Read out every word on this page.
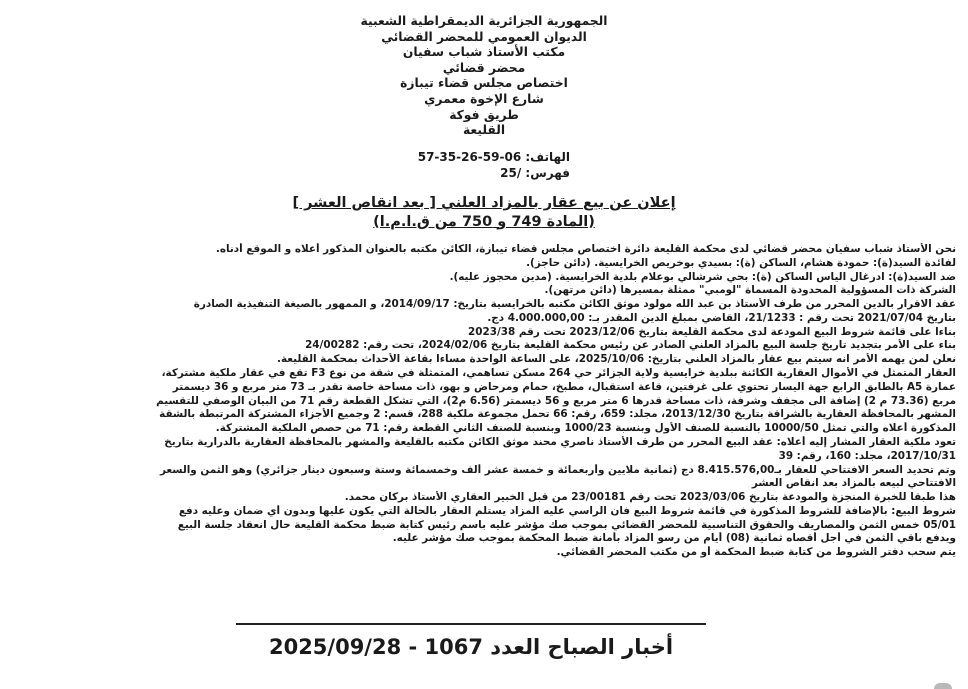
الجمهورية الجزائرية الديمقراطية الشعبية
الديوان العمومي للمحضر القضائي
مكتب الأستاذ شباب سفيان
محضر قضائي
اختصاص مجلس قضاء تيبازة
شارع الإخوة معمري
طريق فوكة
القليعة
الهاتف: 06-59-26-35-57
فهرس: /25
إعلان عن بيع عقار بالمزاد العلني [ بعد انقاص العشر ]
(المادة 749 و 750 من ق.ا.م.ا)

نحن الأستاذ شباب سفيان محضر قضائي لدى محكمة القليعة دائرة اختصاص مجلس قضاء تيبازة، الكائن مكتبه بالعنوان المذكور أعلاه و الموقع أدناه.

لفائدة السيد(ة): حمودة هشام، الساكن (ة): بسيدي بوخريص الخرايسية. (دائن حاجز).

ضد السيد(ة): ادرغال الياس الساكن (ة): بحي شرشالي بوعلام بلدية الخرايسية. (مدين محجوز عليه).

الشركة ذات المسؤولية المحدودة المسماة "لومبي" ممثلة بمسيرها (دائن مرتهن).

عقد الاقرار بالدين المحرر من طرف الأستاذ بن عبد الله مولود موثق الكائن مكتبه بالخرايسية بتاريخ: 2014/09/17، و الممهور بالصيغة التنفيذية الصادرة

بتاريخ 2021/07/04 تحت رقم : 21/1233، القاضي بمبلغ الدين المقدر بـ: 4.000.000,00 دج.

بناءا على قائمة شروط البيع المودعة لدى محكمة القليعة بتاريخ 2023/12/06 تحت رقم 2023/38

بناء على الأمر بتجديد تاريخ جلسة البيع بالمزاد العلني الصادر عن رئيس محكمة القليعة بتاريخ 2024/02/06، تحت رقم: 24/00282

نعلن لمن يهمه الأمر انه سيتم بيع عقار بالمزاد العلني بتاريخ: 2025/10/06، على الساعة الواحدة مساءا بقاعة الأحداث بمحكمة القليعة.

العقار المتمثل في الأموال العقارية الكائنة ببلدية خرايسية ولاية الجزائر حي 264 مسكن تساهمي، المتمثلة في شقة من نوع F3 تقع في عقار ملكية مشتركة،

عمارة A5 بالطابق الرابع جهة اليسار تحتوي على غرفتين، قاعة استقبال، مطبخ، حمام ومرحاض و بهو، ذات مساحة خاصة تقدر بـ 73 متر مربع و 36 ديسمتر

مربع (73.36 م 2) إضافة الى مجفف وشرفة، ذات مساحة قدرها 6 متر مربع و 56 ديسمتر (6.56 م2)، التي تشكل القطعة رقم 71 من البيان الوصفي للتقسيم

المشهر بالمحافظة العقارية بالشراقة بتاريخ 2013/12/30، مجلد: 659، رقم: 66 تحمل مجموعة ملكية 288، قسم: 2 وجميع الأجزاء المشتركة المرتبطة بالشقة

المذكورة أعلاه والتي تمثل 10000/50 بالنسبة للصنف الأول وبنسبة 1000/23 وبنسبة للصنف الثاني القطعة رقم: 71 من حصص الملكية المشتركة.

تعود ملكية العقار المشار إليه أعلاه: عقد البيع المحرر من طرف الأستاذ ناصري محند موثق الكائن مكتبه بالقليعة والمشهر بالمحافظة العقارية بالدرارية بتاريخ

2017/10/31، مجلد: 160، رقم: 39

وتم تحديد السعر الافتتاحي للعقار بـ8.415.576,00 دج (ثمانية ملايين وأربعمائة و خمسة عشر ألف وخمسمائة وستة وسبعون دينار جزائري) وهو الثمن والسعر

الافتتاحي لبيعه بالمزاد بعد انقاص العشر

هذا طبقا للخبرة المنجزة والمودعة بتاريخ 2023/03/06 تحت رقم 23/00181 من قبل الخبير العقاري الأستاذ بركان محمد.

شروط البيع: بالإضافة للشروط المذكورة في قائمة شروط البيع فان الراسي عليه المزاد يستلم العقار بالحالة التي يكون عليها وبدون أي ضمان وعليه دفع

05/01 خمس الثمن والمصاريف والحقوق التناسبية للمحضر القضائي بموجب صك مؤشر عليه باسم رئيس كتابة ضبط محكمة القليعة حال انعقاد جلسة البيع

ويدفع باقي الثمن في أجل أقصاه ثمانية (08) أيام من رسو المزاد بأمانة ضبط المحكمة بموجب صك مؤشر عليه.

يتم سحب دفتر الشروط من كتابة ضبط المحكمة أو من مكتب المحضر القضائي.

أخبار الصباح العدد 1067 - 2025/09/28
